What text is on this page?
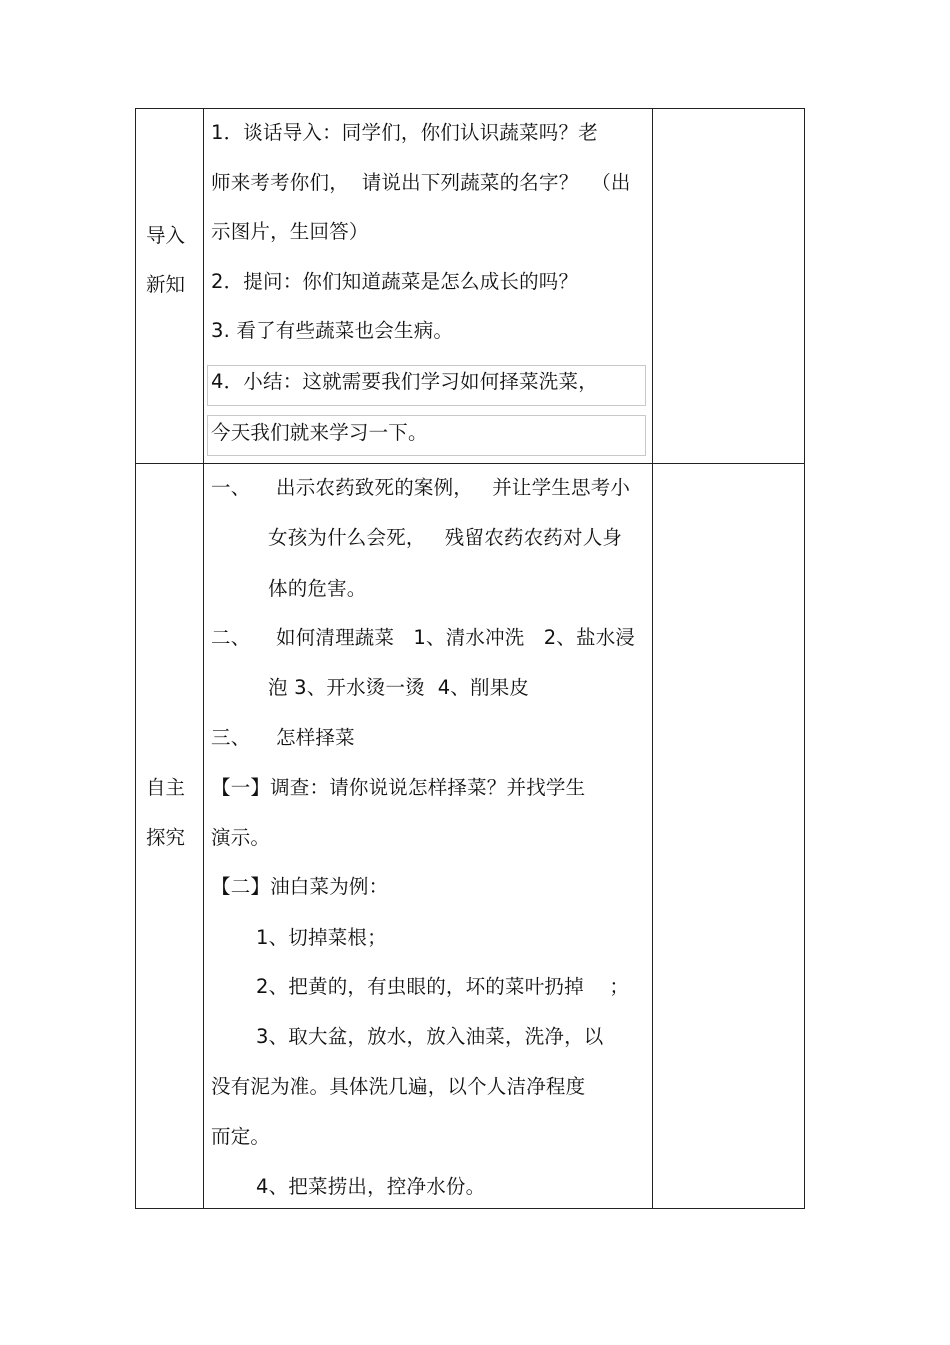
导入
新知
1．谈话导入：同学们，你们认识蔬菜吗？老
师来考考你们，  请说出下列蔬菜的名字？  （出
示图片，生回答）
2．提问：你们知道蔬菜是怎么成长的吗？
3. 看了有些蔬菜也会生病。
4．小结：这就需要我们学习如何择菜洗菜，
今天我们就来学习一下。
自主
探究
一、    出示农药致死的案例，   并让学生思考小
女孩为什么会死，   残留农药农药对人身
体的危害。
二、    如何清理蔬菜   1、清水冲洗   2、盐水浸
泡 3、开水烫一烫  4、削果皮
三、    怎样择菜
【一】调查：请你说说怎样择菜？并找学生
演示。
【二】油白菜为例：
1、切掉菜根；
2、把黄的，有虫眼的，坏的菜叶扔掉    ；
3、取大盆，放水，放入油菜，洗净，以
没有泥为准。具体洗几遍，以个人洁净程度
而定。
4、把菜捞出，控净水份。
